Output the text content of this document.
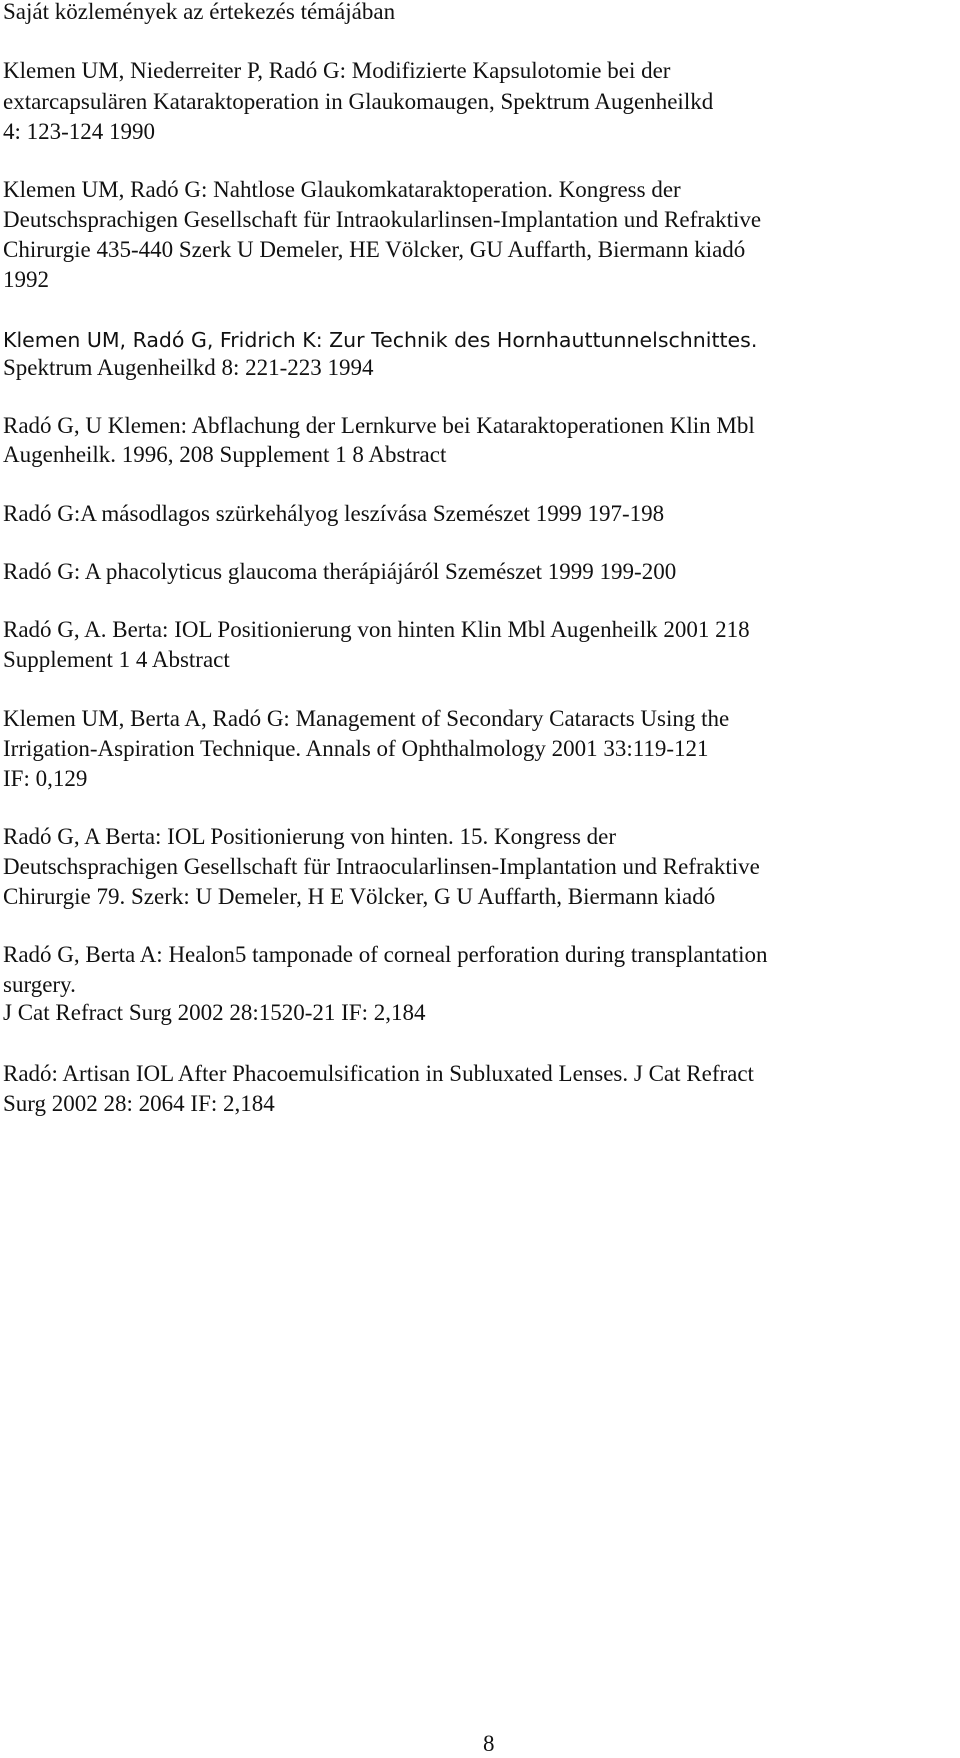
Saját közlemények az értekezés témájában
Klemen UM, Niederreiter P, Radó G: Modifizierte Kapsulotomie bei der
extarcapsulären Kataraktoperation in Glaukomaugen, Spektrum Augenheilkd
4: 123-124 1990
Klemen UM, Radó G: Nahtlose Glaukomkataraktoperation. Kongress der
Deutschsprachigen Gesellschaft für Intraokularlinsen-Implantation und Refraktive
Chirurgie 435-440 Szerk U Demeler, HE Völcker, GU Auffarth, Biermann kiadó
1992
Klemen UM, Radó G, Fridrich K: Zur Technik des Hornhauttunnelschnittes.
Spektrum Augenheilkd 8: 221-223 1994
Radó G, U Klemen: Abflachung der Lernkurve bei Kataraktoperationen Klin Mbl
Augenheilk. 1996, 208 Supplement 1 8 Abstract
Radó G:A másodlagos szürkehályog leszívása Szemészet 1999 197-198
Radó G: A phacolyticus glaucoma therápiájáról Szemészet 1999 199-200
Radó G, A. Berta: IOL Positionierung von hinten Klin Mbl Augenheilk 2001 218
Supplement 1 4 Abstract
Klemen UM, Berta A, Radó G: Management of Secondary Cataracts Using the
Irrigation-Aspiration Technique. Annals of Ophthalmology 2001 33:119-121
IF: 0,129
Radó G, A Berta: IOL Positionierung von hinten. 15. Kongress der
Deutschsprachigen Gesellschaft für Intraocularlinsen-Implantation und Refraktive
Chirurgie 79. Szerk: U Demeler, H E Völcker, G U Auffarth, Biermann kiadó
Radó G, Berta A: Healon5 tamponade of corneal perforation during transplantation
surgery.
J Cat Refract Surg 2002 28:1520-21 IF: 2,184
Radó: Artisan IOL After Phacoemulsification in Subluxated Lenses. J Cat Refract
Surg 2002 28: 2064 IF: 2,184
8
